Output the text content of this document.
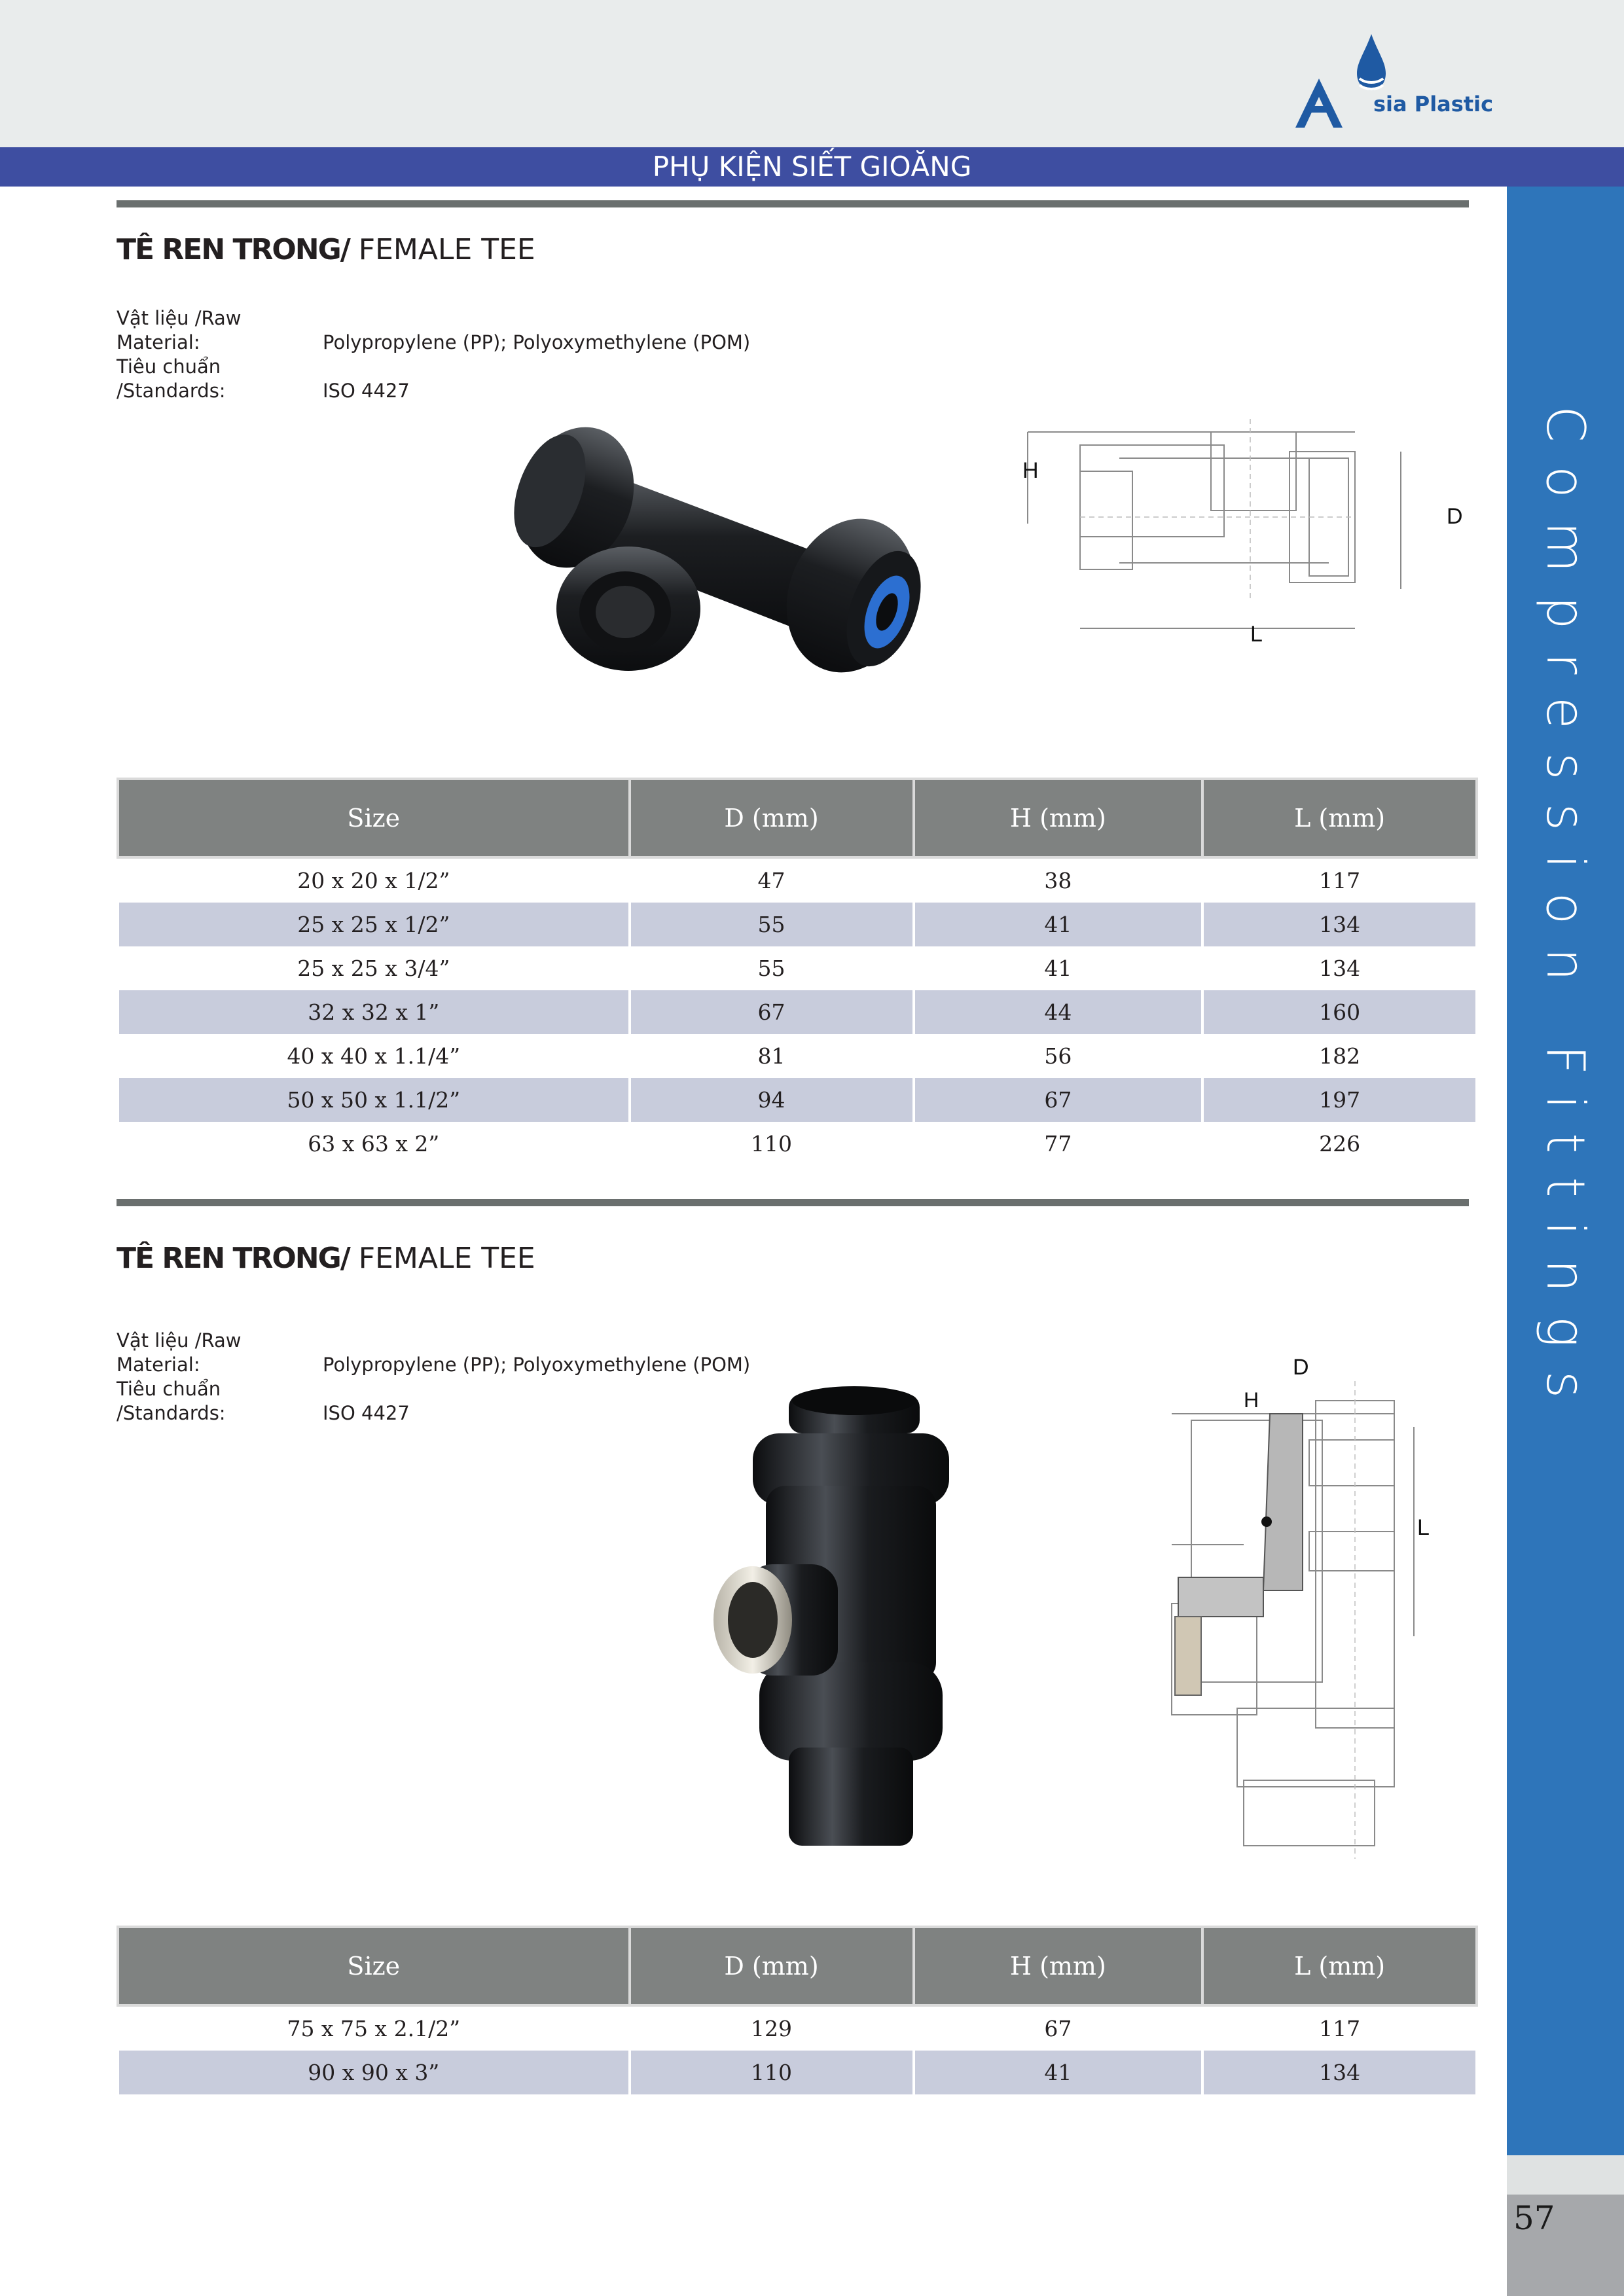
sia Plastic
PHỤ KIỆN SIẾT GIOĂNG
Compression Fittings
57
TÊ REN TRONG/ FEMALE TEE
Vật liệu /Raw Material:	Polypropylene (PP); Polyoxymethylene (POM)
Tiêu chuẩn /Standards:	ISO 4427
H
D
L
Size	D (mm)	H (mm)	L (mm)
20 x 20 x 1/2”	47	38	117
25 x 25 x 1/2”	55	41	134
25 x 25 x 3/4”	55	41	134
32 x 32 x 1”	67	44	160
40 x 40 x 1.1/4”	81	56	182
50 x 50 x 1.1/2”	94	67	197
63 x 63 x 2”	110	77	226
TÊ REN TRONG/ FEMALE TEE
Vật liệu /Raw Material:	Polypropylene (PP); Polyoxymethylene (POM)
Tiêu chuẩn /Standards:	ISO 4427
D
H
L
Size	D (mm)	H (mm)	L (mm)
75 x 75 x 2.1/2”	129	67	117
90 x 90 x 3”	110	41	134
